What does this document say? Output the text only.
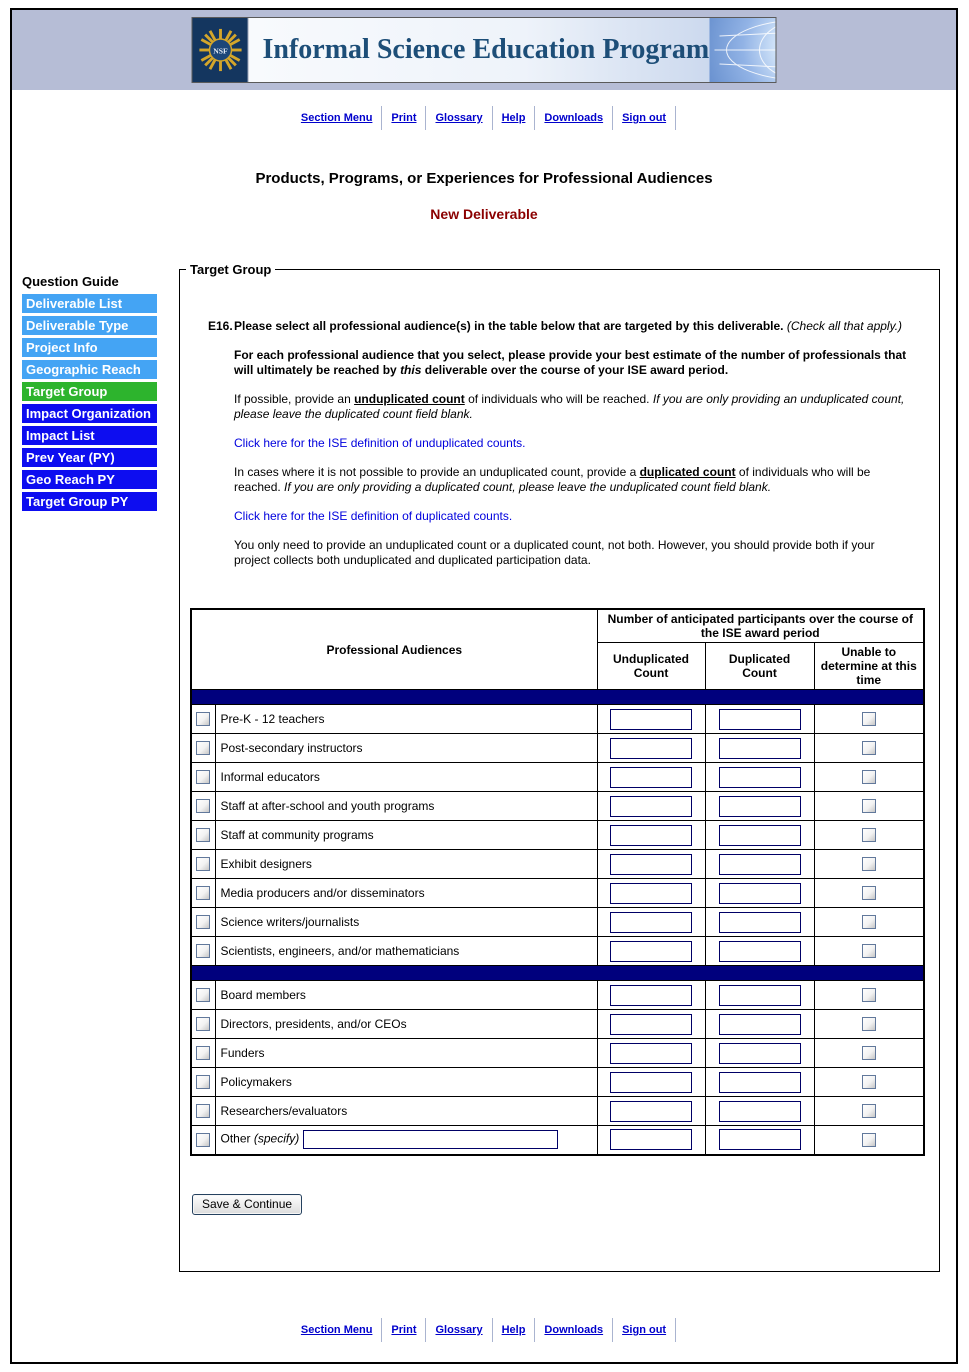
NSF	Informal Science Education Program
Section Menu Print Glossary Help Downloads Sign out
Products, Programs, or Experiences for Professional Audiences
New Deliverable
Question Guide
Deliverable List
Deliverable Type
Project Info
Geographic Reach
Target Group
Impact Organization
Impact List
Prev Year (PY)
Geo Reach PY
Target Group PY
Target Group
E16. Please select all professional audience(s) in the table below that are targeted by this deliverable. (Check all that apply.)

For each professional audience that you select, please provide your best estimate of the number of professionals that will ultimately be reached by this deliverable over the course of your ISE award period.

If possible, provide an unduplicated count of individuals who will be reached. If you are only providing an unduplicated count, please leave the duplicated count field blank.

Click here for the ISE definition of unduplicated counts.

In cases where it is not possible to provide an unduplicated count, provide a duplicated count of individuals who will be reached. If you are only providing a duplicated count, please leave the unduplicated count field blank.

Click here for the ISE definition of duplicated counts.

You only need to provide an unduplicated count or a duplicated count, not both. However, you should provide both if your project collects both unduplicated and duplicated participation data.

Professional Audiences		Number of anticipated participants over the course of the ISE award period		
		Unduplicated Count	Duplicated Count	Unable to determine at this time

	Pre-K - 12 teachers			
	Post-secondary instructors			
	Informal educators			
	Staff at after-school and youth programs			
	Staff at community programs			
	Exhibit designers			
	Media producers and/or disseminators			
	Science writers/journalists			
	Scientists, engineers, and/or mathematicians			

	Board members			
	Directors, presidents, and/or CEOs			
	Funders			
	Policymakers			
	Researchers/evaluators			
	Other (specify)			
Save & Continue
Section Menu Print Glossary Help Downloads Sign out
